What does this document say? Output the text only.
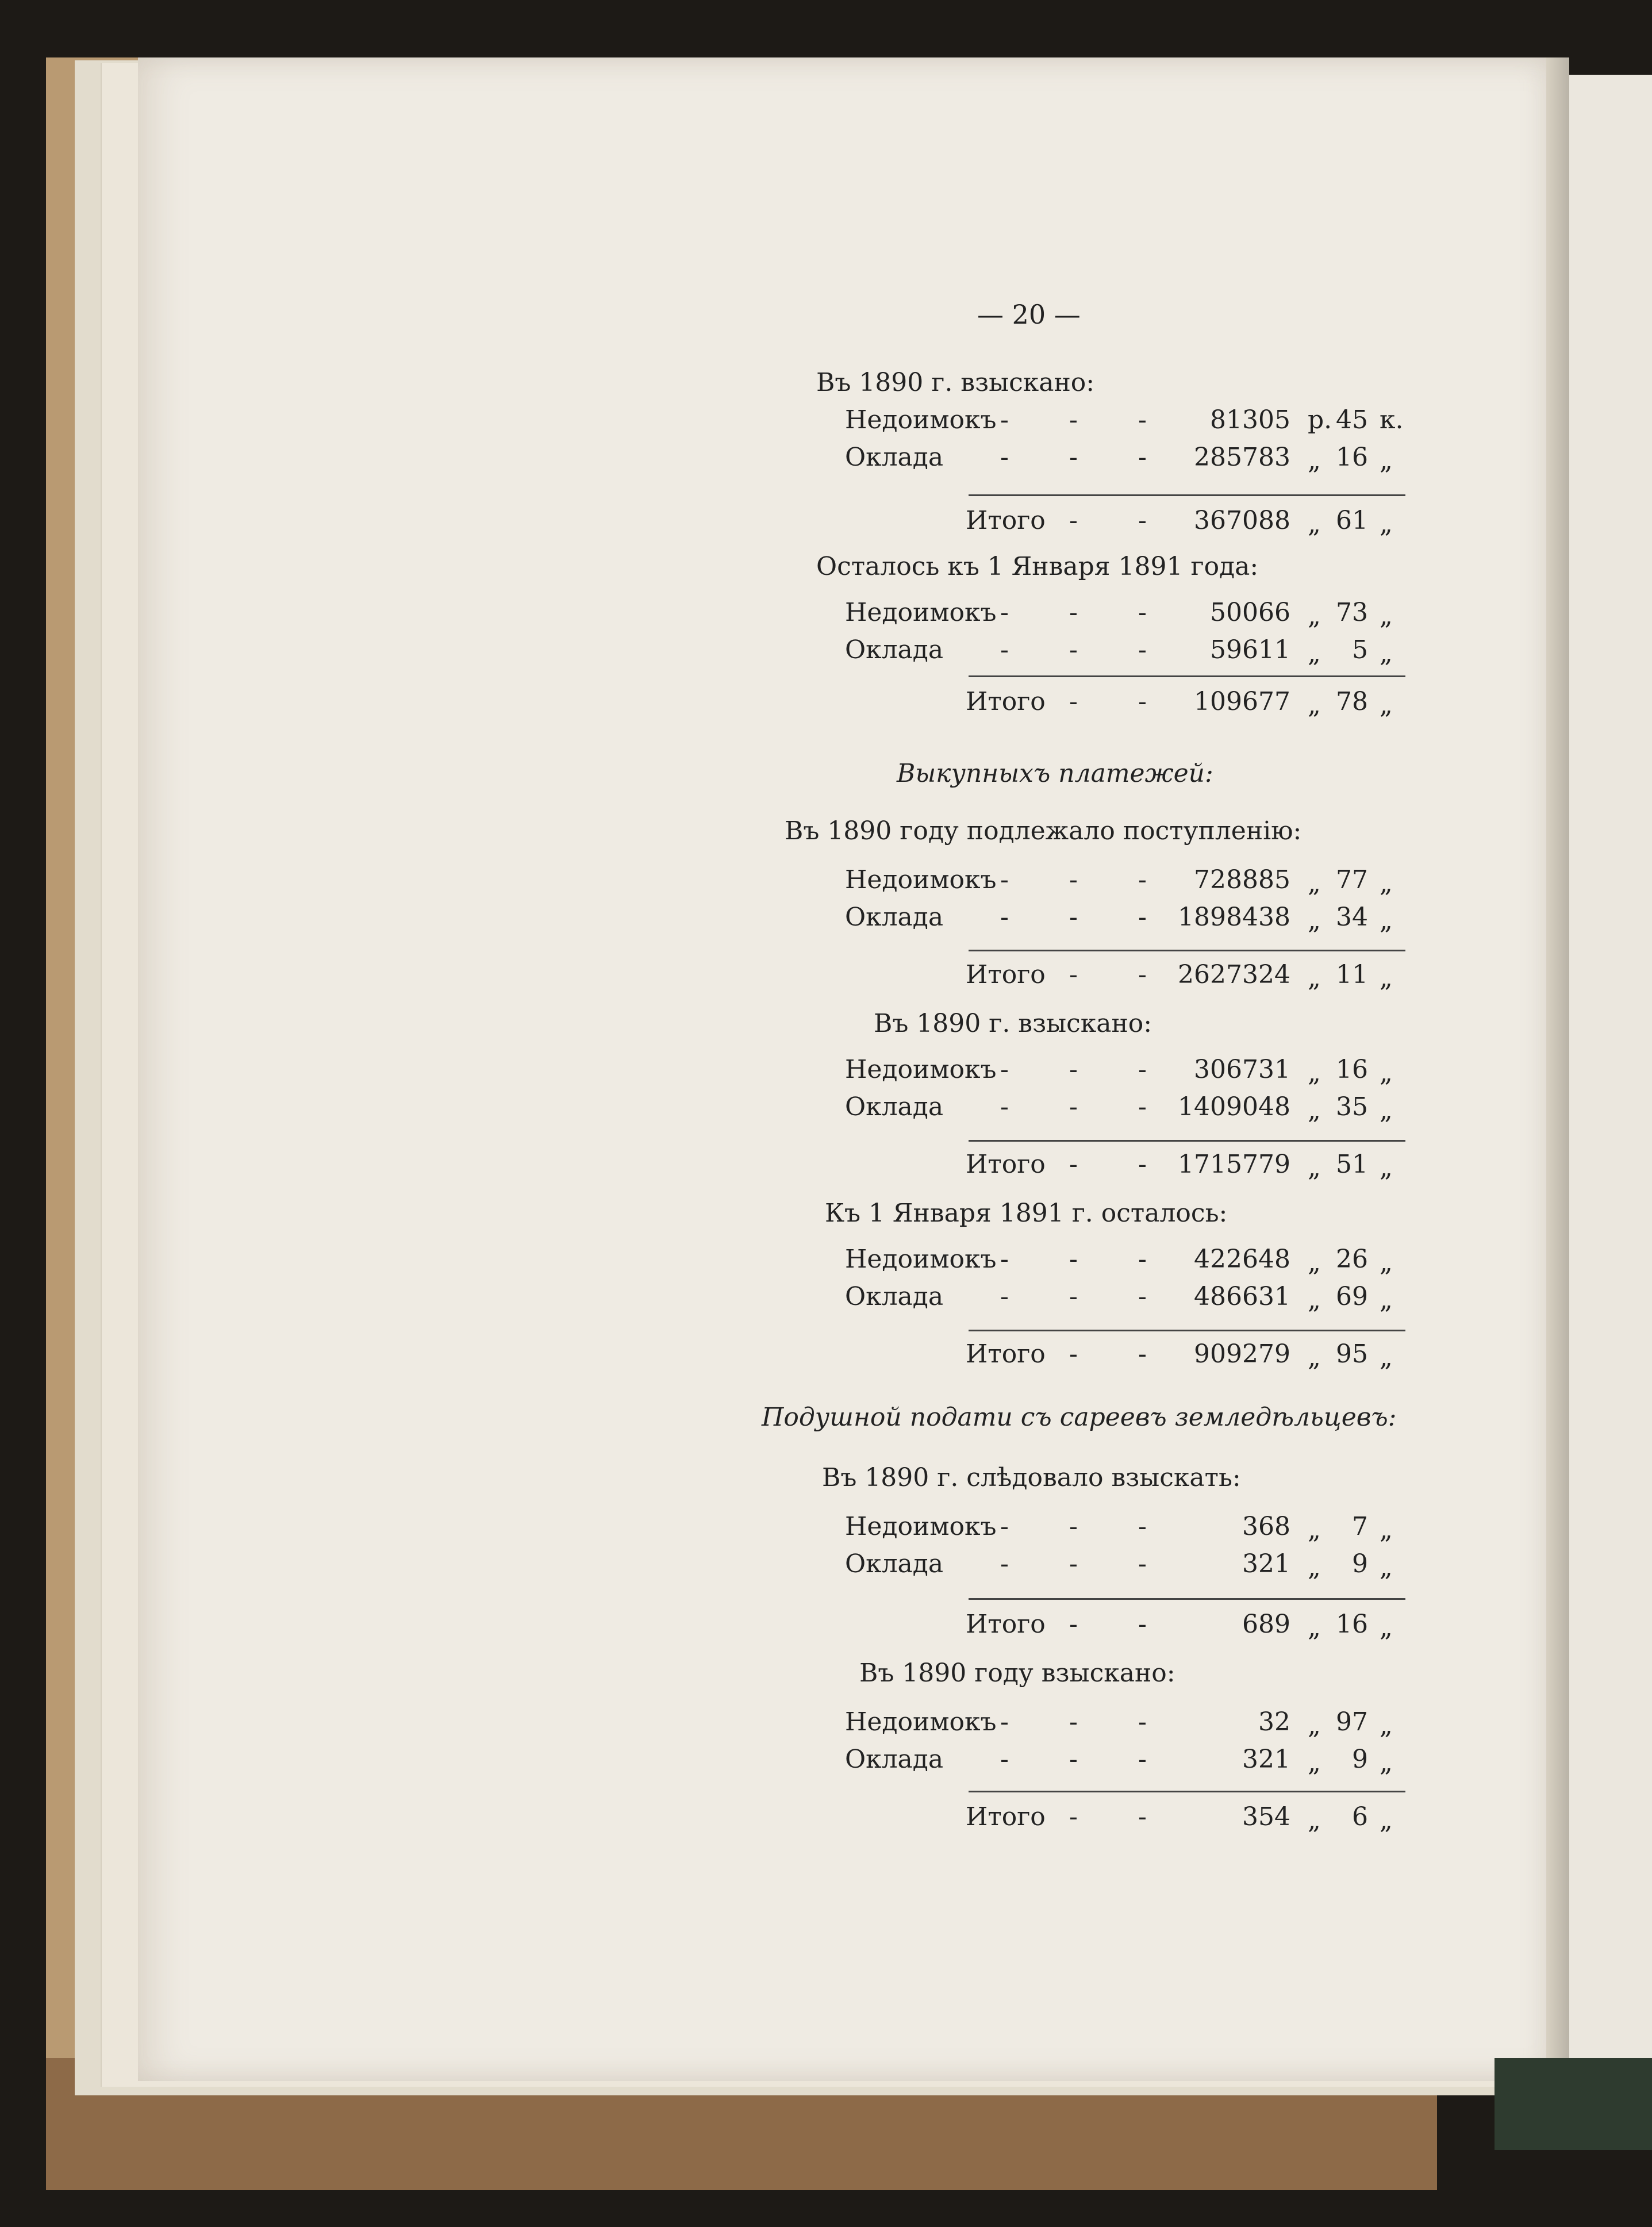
— 20 —
Въ 1890 г. взыскано:
Недоимокъ - - -	81305 р. 45 к.
Оклада - - -	285783 „ 16 „
Итого - -	367088 „ 61 „
Осталось къ 1 Января 1891 года:
Недоимокъ - - -	50066 „ 73 „
Оклада - - -	59611 „	5 „
Итого - -	109677 „ 78 „
Выкупныхъ платежей:
Въ 1890 году подлежало поступленію:
Недоимокъ - - -	728885 „ 77 „
Оклада - - -	1898438 „ 34 „
Итого - -	2627324 „ 11 „
Въ 1890 г. взыскано:
Недоимокъ - - -	306731 „ 16 „
Оклада - - -	1409048 „ 35 „
Итого - -	1715779 „ 51 „
Къ 1 Января 1891 г. осталось:
Недоимокъ - - -	422648 „ 26 „
Оклада - - -	486631 „ 69 „
Итого - -	909279 „ 95 „
Подушной подати съ сареевъ земледѣльцевъ:
Въ 1890 г. слѣдовало взыскать:
Недоимокъ - - -	368 „	7 „
Оклада - - -	321 „	9 „
Итого - -	689 „ 16 „
Въ 1890 году взыскано:
Недоимокъ - - -	32 „ 97 „
Оклада - - -	321 „	9 „
Итого - -	354 „	6 „
